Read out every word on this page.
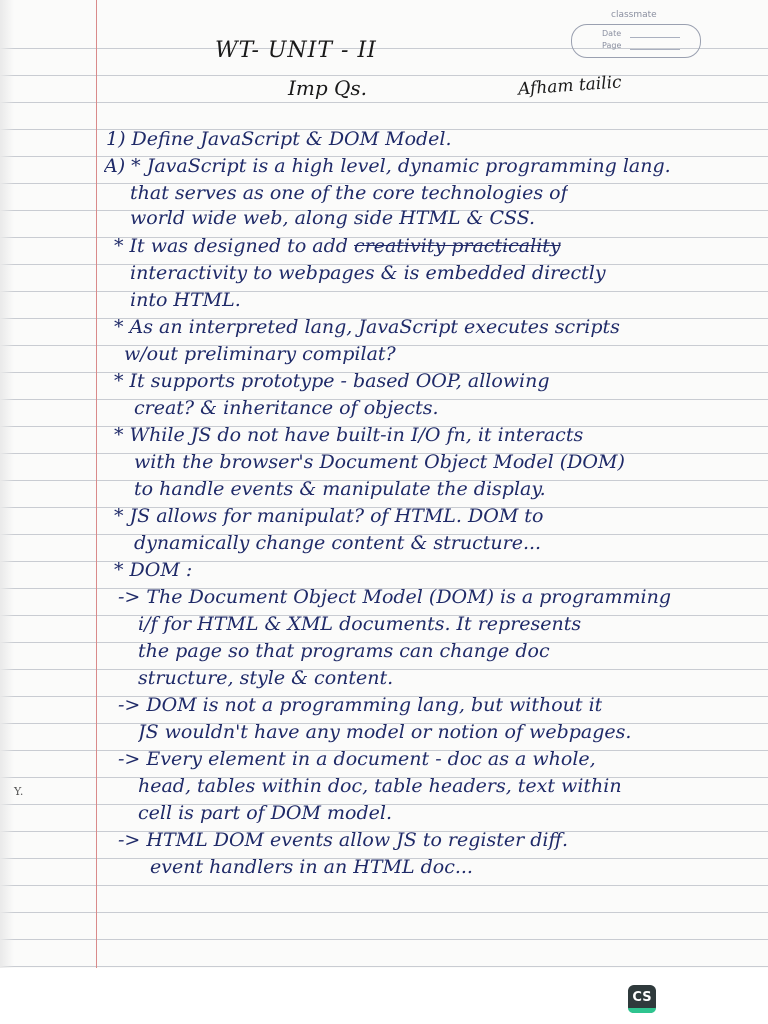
classmate
Date
Page
WT- UNIT - II
Imp Qs.	Afham tailic
Y.
1) Define JavaScript & DOM Model.
A) * JavaScript is a high level, dynamic programming lang.
that serves as one of the core technologies of
world wide web, along side HTML & CSS.
* It was designed to add creativity practicality
interactivity to webpages & is embedded directly
into HTML.
* As an interpreted lang, JavaScript executes scripts
w/out preliminary compilat?
* It supports prototype - based OOP, allowing
creat? & inheritance of objects.
* While JS do not have built-in I/O fn, it interacts
with the browser's Document Object Model (DOM)
to handle events & manipulate the display.
* JS allows for manipulat? of HTML. DOM to
dynamically change content & structure...
* DOM :
-> The Document Object Model (DOM) is a programming
i/f for HTML & XML documents. It represents
the page so that programs can change doc
structure, style & content.
-> DOM is not a programming lang, but without it
JS wouldn't have any model or notion of webpages.
-> Every element in a document - doc as a whole,
head, tables within doc, table headers, text within
cell is part of DOM model.
-> HTML DOM events allow JS to register diff.
event handlers in an HTML doc...
CS
